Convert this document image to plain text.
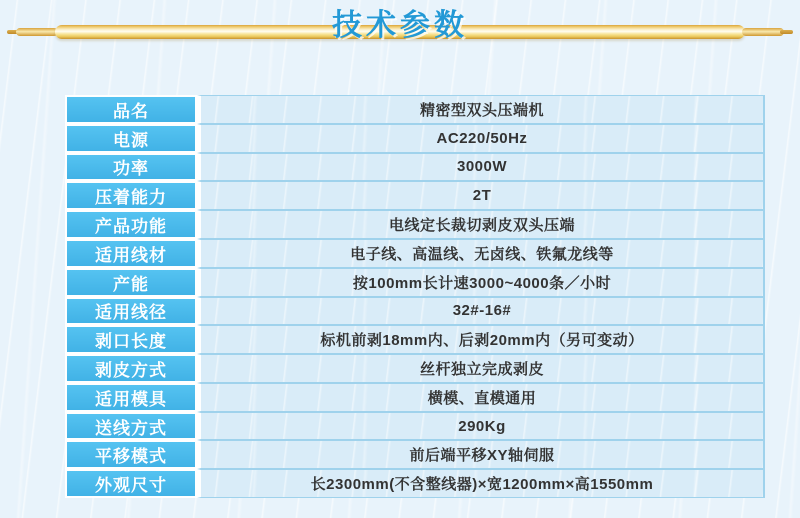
技术参数
品名	精密型双头压端机
电源	AC220/50Hz
功率	3000W
压着能力	2T
产品功能	电线定长裁切剥皮双头压端
适用线材	电子线、高温线、无卤线、铁氟龙线等
产能	按100mm长计速3000~4000条／小时
适用线径	32#-16#
剥口长度	标机前剥18mm内、后剥20mm内（另可变动）
剥皮方式	丝杆独立完成剥皮
适用模具	横模、直模通用
送线方式	290Kg
平移模式	前后端平移XY轴伺服
外观尺寸	长2300mm(不含整线器)×宽1200mm×高1550mm
